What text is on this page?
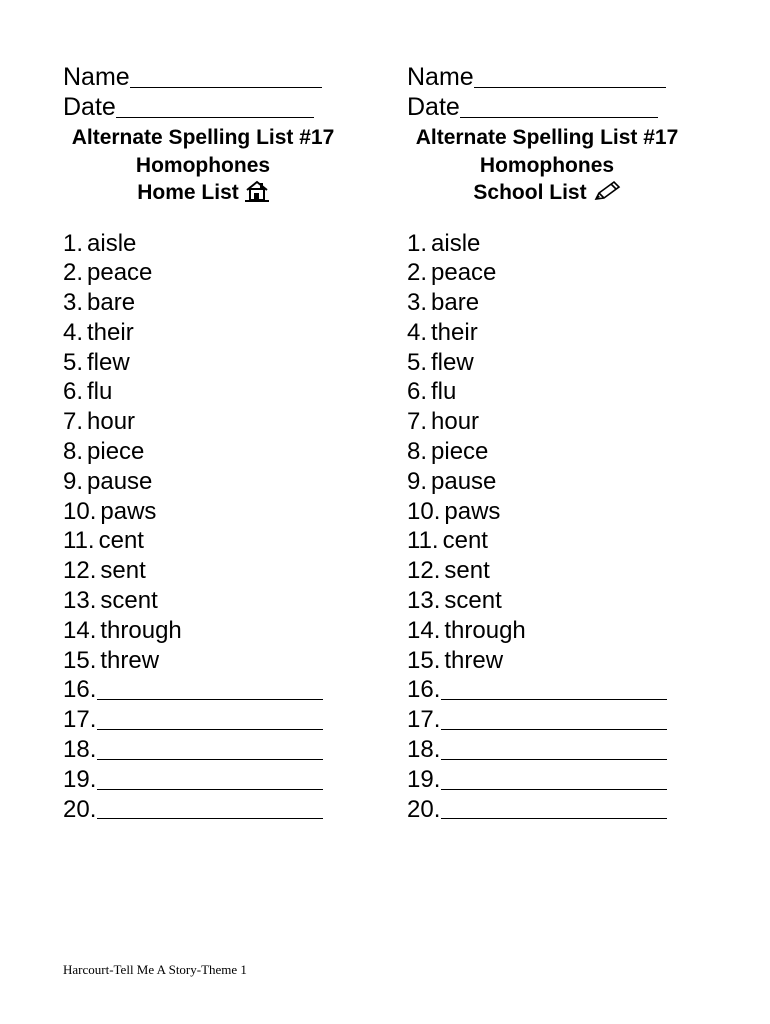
Name
Date
Alternate Spelling List #17
Homophones
Home List
1. aisle
2. peace
3. bare
4. their
5. flew
6. flu
7. hour
8. piece
9. pause
10. paws
11. cent
12. sent
13. scent
14. through
15. threw
16.
17.
18.
19.
20.
Name
Date
Alternate Spelling List #17
Homophones
School List
1. aisle
2. peace
3. bare
4. their
5. flew
6. flu
7. hour
8. piece
9. pause
10. paws
11. cent
12. sent
13. scent
14. through
15. threw
16.
17.
18.
19.
20.
Harcourt-Tell Me A Story-Theme 1
